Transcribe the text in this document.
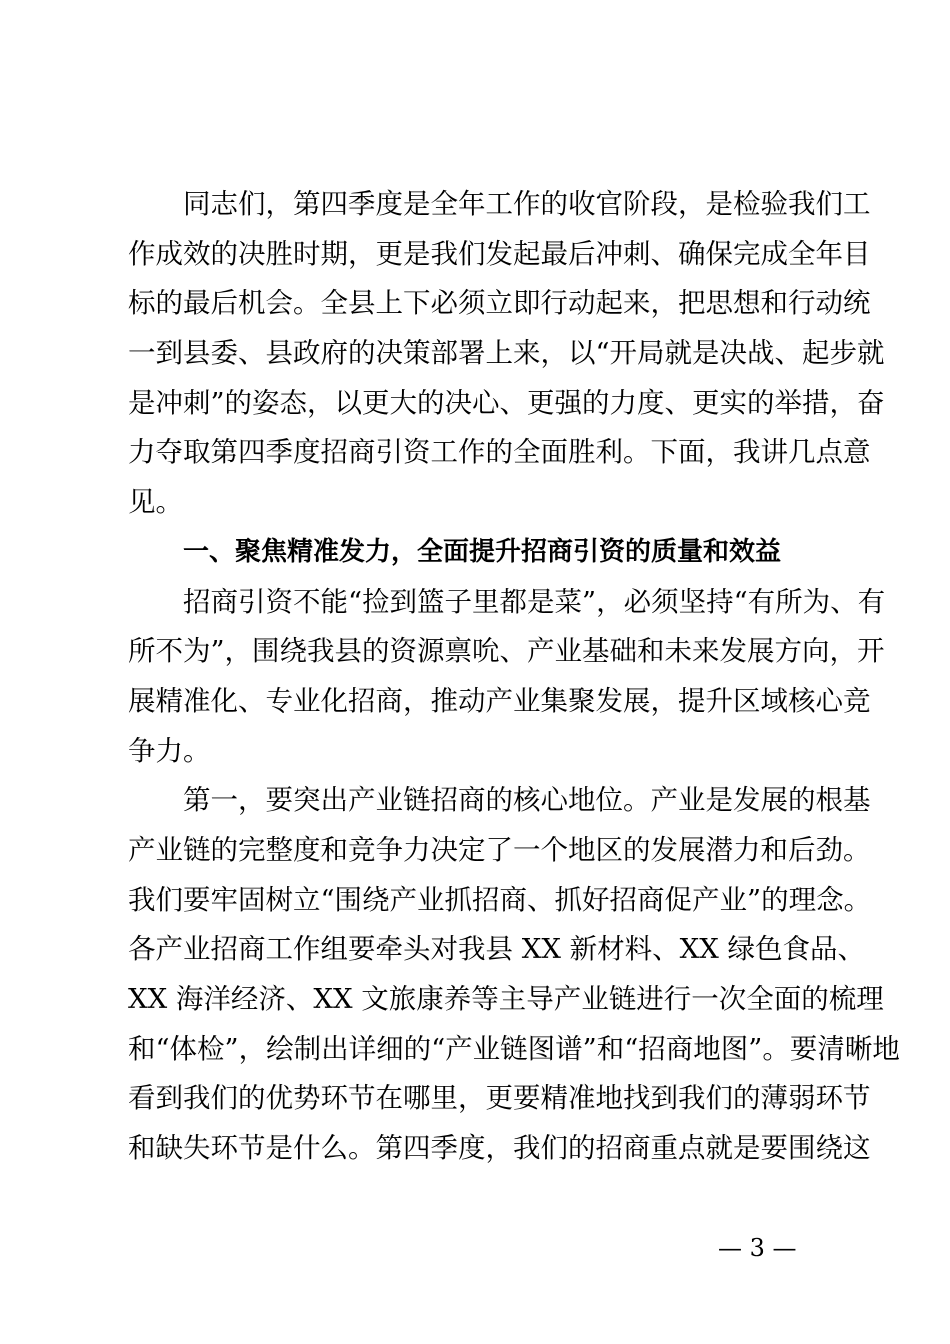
同志们，第四季度是全年工作的收官阶段，是检验我们工
作成效的决胜时期，更是我们发起最后冲刺、确保完成全年目
标的最后机会。全县上下必须立即行动起来，把思想和行动统
一到县委、县政府的决策部署上来，以“开局就是决战、起步就
是冲刺”的姿态，以更大的决心、更强的力度、更实的举措，奋
力夺取第四季度招商引资工作的全面胜利。下面，我讲几点意
见。
一、聚焦精准发力，全面提升招商引资的质量和效益
招商引资不能“捡到篮子里都是菜”，必须坚持“有所为、有
所不为”，围绕我县的资源禀吮、产业基础和未来发展方向，开
展精准化、专业化招商，推动产业集聚发展，提升区域核心竞
争力。
第一，要突出产业链招商的核心地位。产业是发展的根基
产业链的完整度和竞争力决定了一个地区的发展潜力和后劲。
我们要牢固树立“围绕产业抓招商、抓好招商促产业”的理念。
各产业招商工作组要牵头对我县 XX 新材料、XX 绿色食品、
XX 海洋经济、XX 文旅康养等主导产业链进行一次全面的梳理
和“体检”，绘制出详细的“产业链图谱”和“招商地图”。要清晰地
看到我们的优势环节在哪里，更要精准地找到我们的薄弱环节
和缺失环节是什么。第四季度，我们的招商重点就是要围绕这
— 3 —
